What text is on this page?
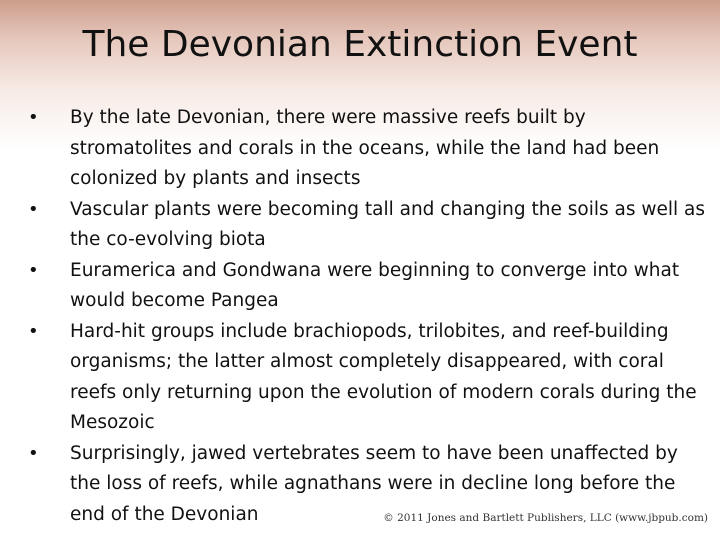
The Devonian Extinction Event
•	By the late Devonian, there were massive reefs built by stromatolites and corals in the oceans, while the land had been colonized by plants and insects
•	Vascular plants were becoming tall and changing the soils as well as the co-evolving biota
•	Euramerica and Gondwana were beginning to converge into what would become Pangea
•	Hard-hit groups include brachiopods, trilobites, and reef-building organisms; the latter almost completely disappeared, with coral reefs only returning upon the evolution of modern corals during the Mesozoic
•	Surprisingly, jawed vertebrates seem to have been unaffected by the loss of reefs, while agnathans were in decline long before the end of the Devonian	© 2011 Jones and Bartlett Publishers, LLC (www.jbpub.com)
